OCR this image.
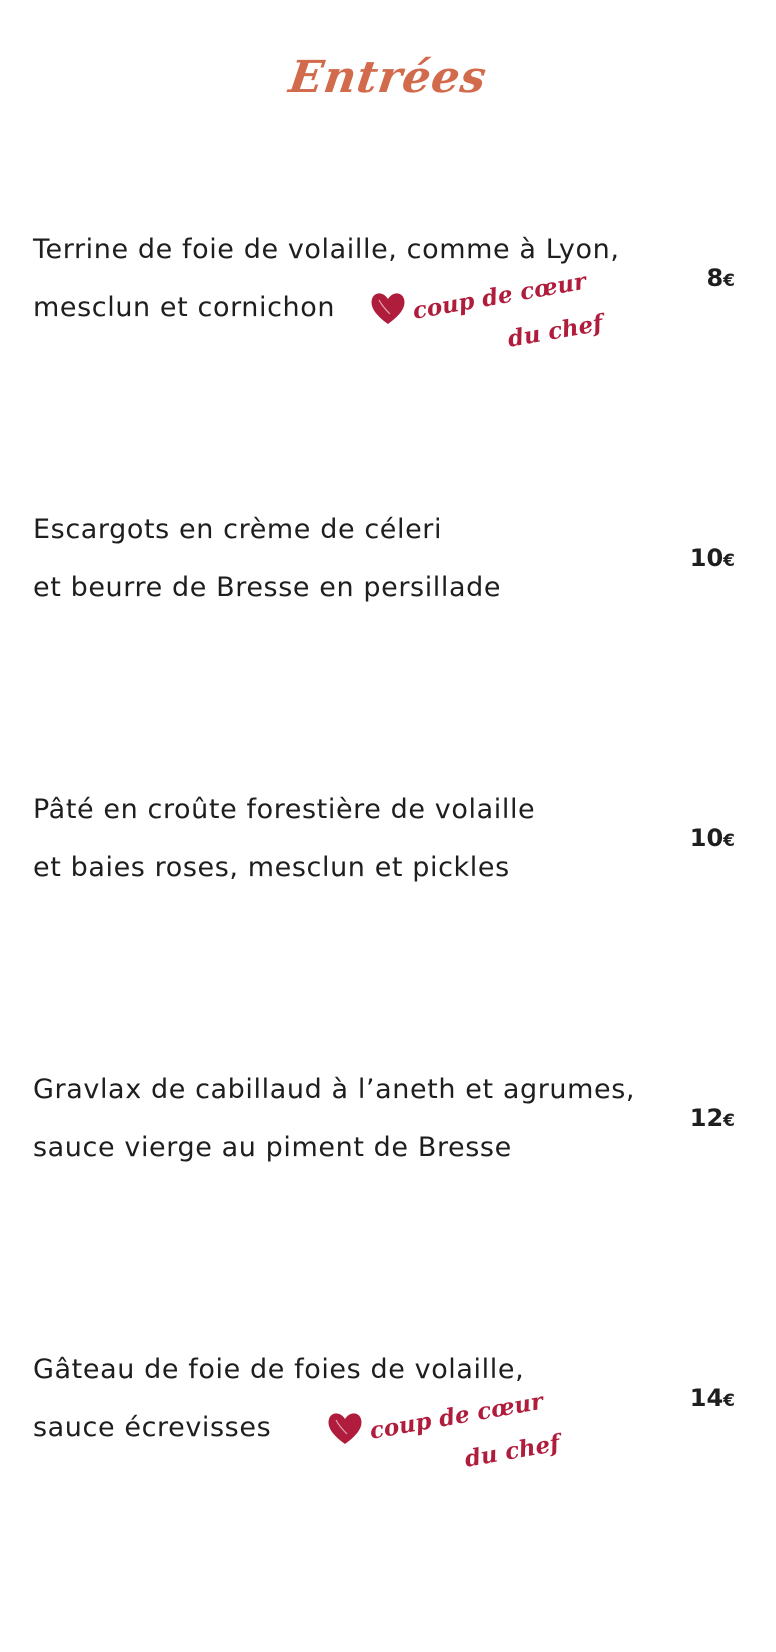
Entrées
Terrine de foie de volaille, comme à Lyon,
mesclun et cornichon
8€
coup de cœur
du chef
Escargots en crème de céleri
et beurre de Bresse en persillade
10€
Pâté en croûte forestière de volaille
et baies roses, mesclun et pickles
10€
Gravlax de cabillaud à l’aneth et agrumes,
sauce vierge au piment de Bresse
12€
Gâteau de foie de foies de volaille,
sauce écrevisses
14€
coup de cœur
du chef
